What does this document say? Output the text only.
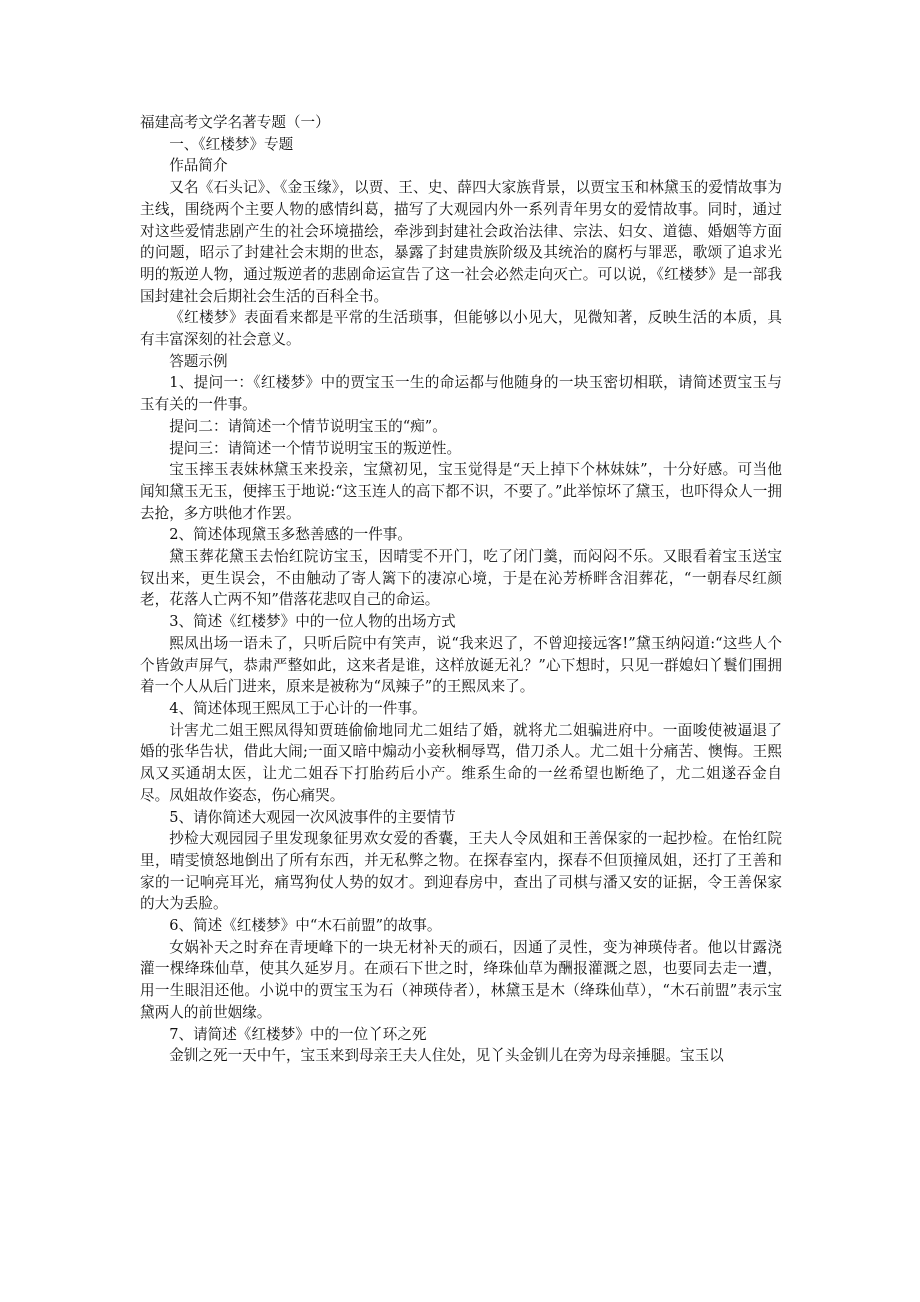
福建高考文学名著专题（一）

一、《红楼梦》专题

作品简介

又名《石头记》、《金玉缘》，以贾、王、史、薛四大家族背景，以贾宝玉和林黛玉的爱情故事为主线，围绕两个主要人物的感情纠葛，描写了大观园内外一系列青年男女的爱情故事。同时，通过对这些爱情悲剧产生的社会环境描绘，牵涉到封建社会政治法律、宗法、妇女、道德、婚姻等方面的问题，昭示了封建社会末期的世态，暴露了封建贵族阶级及其统治的腐朽与罪恶，歌颂了追求光明的叛逆人物，通过叛逆者的悲剧命运宣告了这一社会必然走向灭亡。可以说，《红楼梦》是一部我国封建社会后期社会生活的百科全书。

《红楼梦》表面看来都是平常的生活琐事，但能够以小见大，见微知著，反映生活的本质，具有丰富深刻的社会意义。

答题示例

1、提问一：《红楼梦》中的贾宝玉一生的命运都与他随身的一块玉密切相联，请简述贾宝玉与玉有关的一件事。

提问二：请简述一个情节说明宝玉的“痴”。

提问三：请简述一个情节说明宝玉的叛逆性。

宝玉摔玉表妹林黛玉来投亲，宝黛初见，宝玉觉得是“天上掉下个林妹妹”，十分好感。可当他闻知黛玉无玉，便摔玉于地说:“这玉连人的高下都不识，不要了。”此举惊坏了黛玉，也吓得众人一拥去抢，多方哄他才作罢。

2、简述体现黛玉多愁善感的一件事。

黛玉葬花黛玉去怡红院访宝玉，因晴雯不开门，吃了闭门羹，而闷闷不乐。又眼看着宝玉送宝钗出来，更生误会，不由触动了寄人篱下的凄凉心境，于是在沁芳桥畔含泪葬花，“一朝春尽红颜老，花落人亡两不知”借落花悲叹自己的命运。

3、简述《红楼梦》中的一位人物的出场方式

熙凤出场一语未了，只听后院中有笑声，说“我来迟了，不曾迎接远客!”黛玉纳闷道:“这些人个个皆敛声屏气，恭肃严整如此，这来者是谁，这样放诞无礼？”心下想时，只见一群媳妇丫鬟们围拥着一个人从后门进来，原来是被称为“凤辣子”的王熙凤来了。

4、简述体现王熙凤工于心计的一件事。

计害尤二姐王熙凤得知贾琏偷偷地同尤二姐结了婚，就将尤二姐骗进府中。一面唆使被逼退了婚的张华告状，借此大闹;一面又暗中煽动小妾秋桐辱骂，借刀杀人。尤二姐十分痛苦、懊悔。王熙凤又买通胡太医，让尤二姐吞下打胎药后小产。维系生命的一丝希望也断绝了，尤二姐遂吞金自尽。凤姐故作姿态，伤心痛哭。

5、请你简述大观园一次风波事件的主要情节

抄检大观园园子里发现象征男欢女爱的香囊，王夫人令凤姐和王善保家的一起抄检。在怡红院里，晴雯愤怒地倒出了所有东西，并无私弊之物。在探春室内，探春不但顶撞凤姐，还打了王善和家的一记响亮耳光，痛骂狗仗人势的奴才。到迎春房中，查出了司棋与潘又安的证据，令王善保家的大为丢脸。

6、简述《红楼梦》中“木石前盟”的故事。

女娲补天之时弃在青埂峰下的一块无材补天的顽石，因通了灵性，变为神瑛侍者。他以甘露浇灌一棵绛珠仙草，使其久延岁月。在顽石下世之时，绛珠仙草为酬报灌溉之恩，也要同去走一遭，用一生眼泪还他。小说中的贾宝玉为石（神瑛侍者），林黛玉是木（绛珠仙草），“木石前盟”表示宝黛两人的前世姻缘。

7、请简述《红楼梦》中的一位丫环之死

金钏之死一天中午，宝玉来到母亲王夫人住处，见丫头金钏儿在旁为母亲捶腿。宝玉以
